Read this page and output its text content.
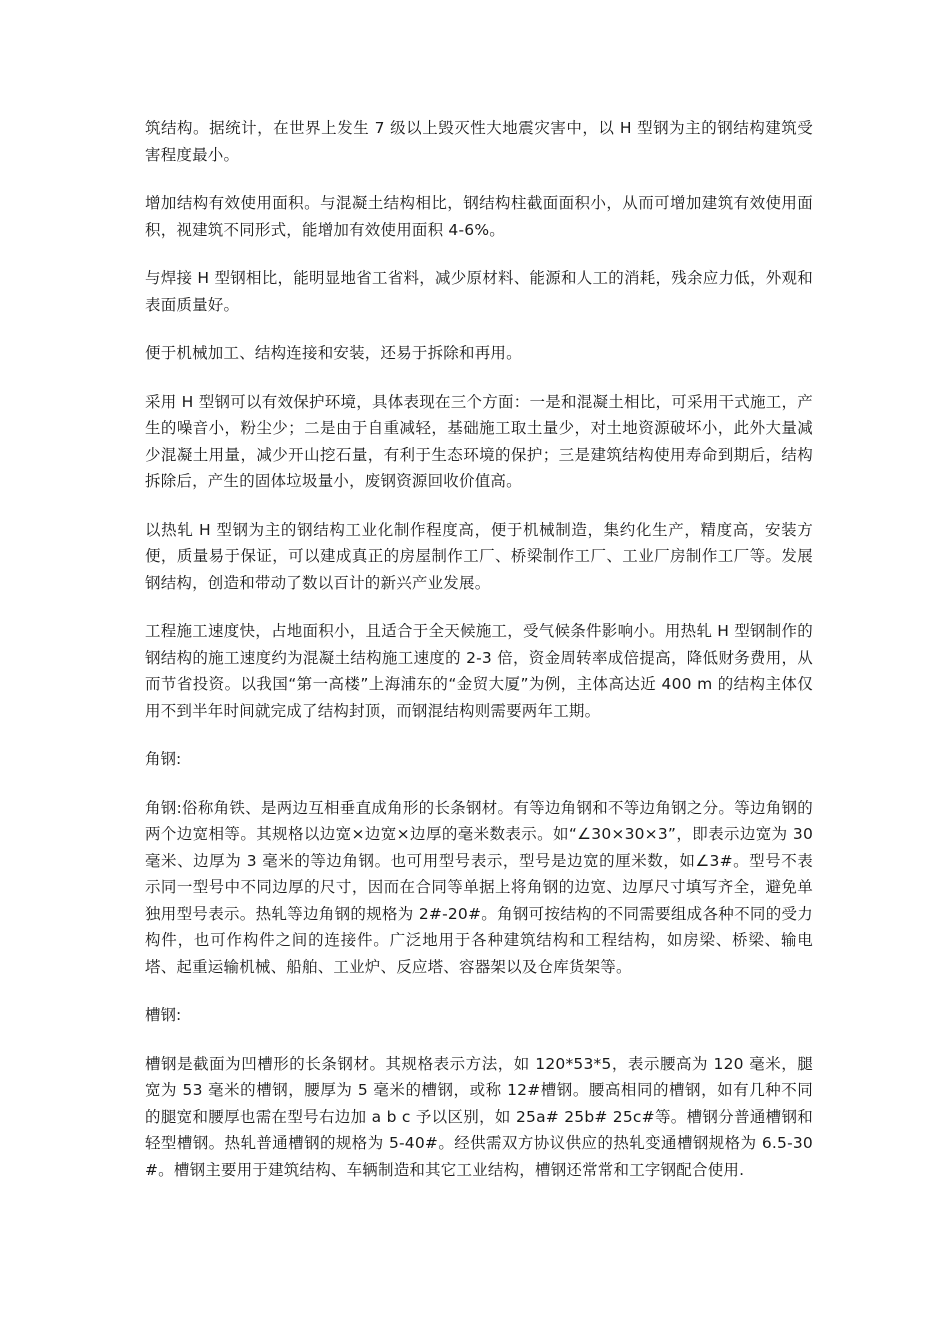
筑结构。据统计，在世界上发生 7 级以上毁灭性大地震灾害中，以 H 型钢为主的钢结构建筑受害程度最小。

增加结构有效使用面积。与混凝土结构相比，钢结构柱截面面积小，从而可增加建筑有效使用面积，视建筑不同形式，能增加有效使用面积 4-6%。

与焊接 H 型钢相比，能明显地省工省料，减少原材料、能源和人工的消耗，残余应力低，外观和表面质量好。

便于机械加工、结构连接和安装，还易于拆除和再用。

采用 H 型钢可以有效保护环境，具体表现在三个方面：一是和混凝土相比，可采用干式施工，产生的噪音小，粉尘少；二是由于自重减轻，基础施工取土量少，对土地资源破坏小，此外大量减少混凝土用量，减少开山挖石量，有利于生态环境的保护；三是建筑结构使用寿命到期后，结构拆除后，产生的固体垃圾量小，废钢资源回收价值高。

以热轧 H 型钢为主的钢结构工业化制作程度高，便于机械制造，集约化生产，精度高，安装方便，质量易于保证，可以建成真正的房屋制作工厂、桥梁制作工厂、工业厂房制作工厂等。发展钢结构，创造和带动了数以百计的新兴产业发展。

工程施工速度快，占地面积小，且适合于全天候施工，受气候条件影响小。用热轧 H 型钢制作的钢结构的施工速度约为混凝土结构施工速度的 2-3 倍，资金周转率成倍提高，降低财务费用，从而节省投资。以我国“第一高楼”上海浦东的“金贸大厦”为例，主体高达近 400 m 的结构主体仅用不到半年时间就完成了结构封顶，而钢混结构则需要两年工期。

角钢:

角钢:俗称角铁、是两边互相垂直成角形的长条钢材。有等边角钢和不等边角钢之分。等边角钢的两个边宽相等。其规格以边宽×边宽×边厚的毫米数表示。如“∠30×30×3”，即表示边宽为 30 毫米、边厚为 3 毫米的等边角钢。也可用型号表示，型号是边宽的厘米数，如∠3#。型号不表示同一型号中不同边厚的尺寸，因而在合同等单据上将角钢的边宽、边厚尺寸填写齐全，避免单独用型号表示。热轧等边角钢的规格为 2#-20#。角钢可按结构的不同需要组成各种不同的受力构件，也可作构件之间的连接件。广泛地用于各种建筑结构和工程结构，如房梁、桥梁、输电塔、起重运输机械、船舶、工业炉、反应塔、容器架以及仓库货架等。

槽钢:

槽钢是截面为凹槽形的长条钢材。其规格表示方法，如 120*53*5，表示腰高为 120 毫米，腿宽为 53 毫米的槽钢，腰厚为 5 毫米的槽钢，或称 12#槽钢。腰高相同的槽钢，如有几种不同的腿宽和腰厚也需在型号右边加 a b c 予以区别，如 25a# 25b# 25c#等。槽钢分普通槽钢和轻型槽钢。热轧普通槽钢的规格为 5-40#。经供需双方协议供应的热轧变通槽钢规格为 6.5-30#。槽钢主要用于建筑结构、车辆制造和其它工业结构，槽钢还常常和工字钢配合使用.
